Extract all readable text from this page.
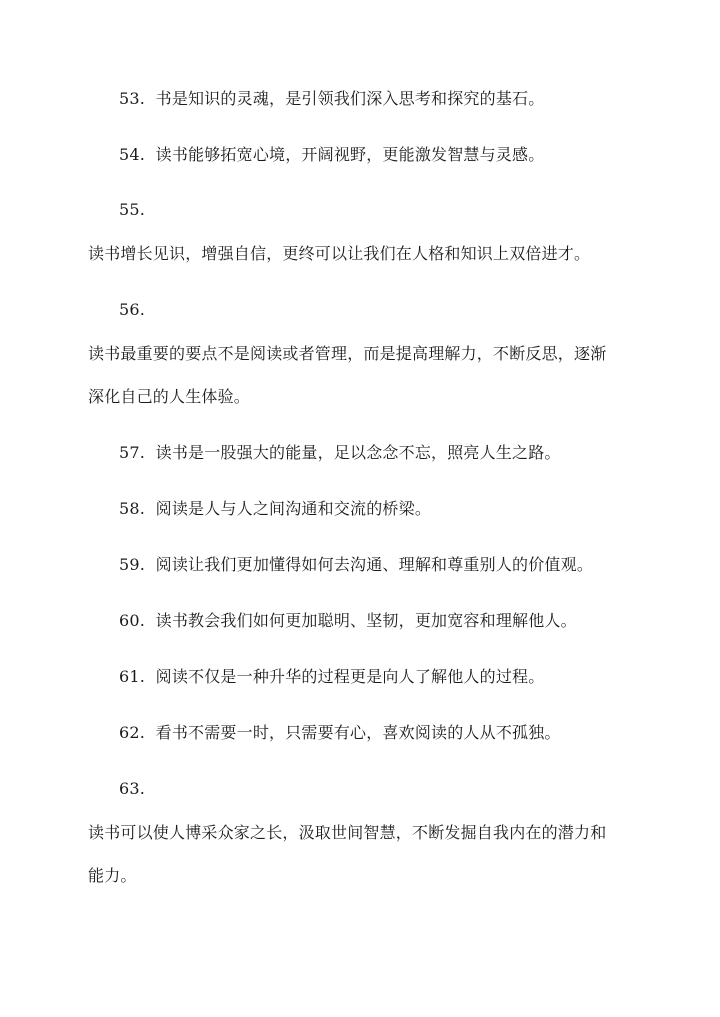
53. 书是知识的灵魂，是引领我们深入思考和探究的基石。
54. 读书能够拓宽心境，开阔视野，更能激发智慧与灵感。
55.
读书增长见识，增强自信，更终可以让我们在人格和知识上双倍进才。
56.
读书最重要的要点不是阅读或者管理，而是提高理解力，不断反思，逐渐
深化自己的人生体验。
57. 读书是一股强大的能量，足以念念不忘，照亮人生之路。
58. 阅读是人与人之间沟通和交流的桥梁。
59. 阅读让我们更加懂得如何去沟通、理解和尊重别人的价值观。
60. 读书教会我们如何更加聪明、坚韧，更加宽容和理解他人。
61. 阅读不仅是一种升华的过程更是向人了解他人的过程。
62. 看书不需要一时，只需要有心，喜欢阅读的人从不孤独。
63.
读书可以使人博采众家之长，汲取世间智慧，不断发掘自我内在的潜力和
能力。
